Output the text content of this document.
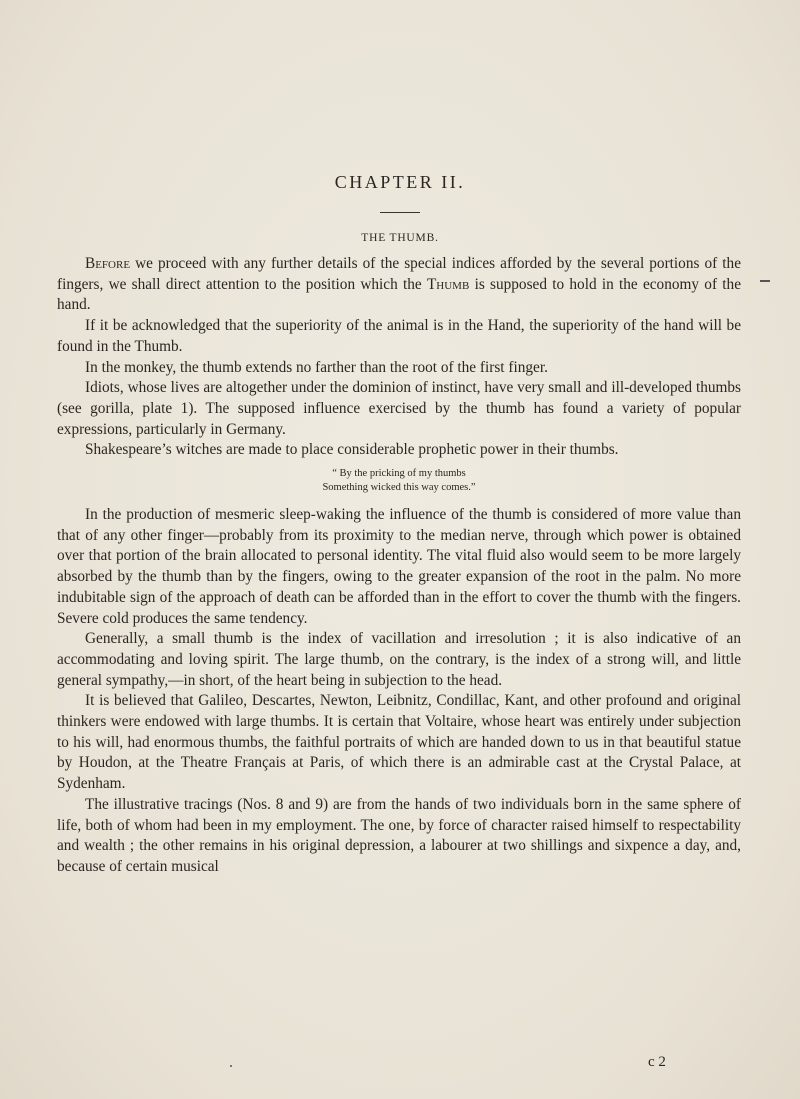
CHAPTER II.
THE THUMB.

Before we proceed with any further details of the special indices afforded by the several portions of the fingers, we shall direct attention to the position which the Thumb is supposed to hold in the economy of the hand.

If it be acknowledged that the superiority of the animal is in the Hand, the superiority of the hand will be found in the Thumb.

In the monkey, the thumb extends no farther than the root of the first finger.

Idiots, whose lives are altogether under the dominion of instinct, have very small and ill-developed thumbs (see gorilla, plate 1). The supposed influence exercised by the thumb has found a variety of popular expressions, particularly in Germany.

Shakespeare’s witches are made to place considerable prophetic power in their thumbs.

“ By the pricking of my thumbs
Something wicked this way comes.”

In the production of mesmeric sleep-waking the influence of the thumb is considered of more value than that of any other finger—probably from its proximity to the median nerve, through which power is obtained over that portion of the brain allocated to personal identity. The vital fluid also would seem to be more largely absorbed by the thumb than by the fingers, owing to the greater expansion of the root in the palm. No more indubitable sign of the approach of death can be afforded than in the effort to cover the thumb with the fingers. Severe cold produces the same tendency.

Generally, a small thumb is the index of vacillation and irresolution ; it is also indicative of an accommodating and loving spirit. The large thumb, on the contrary, is the index of a strong will, and little general sympathy,—in short, of the heart being in subjection to the head.

It is believed that Galileo, Descartes, Newton, Leibnitz, Condillac, Kant, and other profound and original thinkers were endowed with large thumbs. It is certain that Voltaire, whose heart was entirely under subjection to his will, had enormous thumbs, the faithful portraits of which are handed down to us in that beautiful statue by Houdon, at the Theatre Français at Paris, of which there is an admirable cast at the Crystal Palace, at Sydenham.

The illustrative tracings (Nos. 8 and 9) are from the hands of two individuals born in the same sphere of life, both of whom had been in my employment. The one, by force of character raised himself to respectability and wealth ; the other remains in his original depression, a labourer at two shillings and sixpence a day, and, because of certain musical

c 2
